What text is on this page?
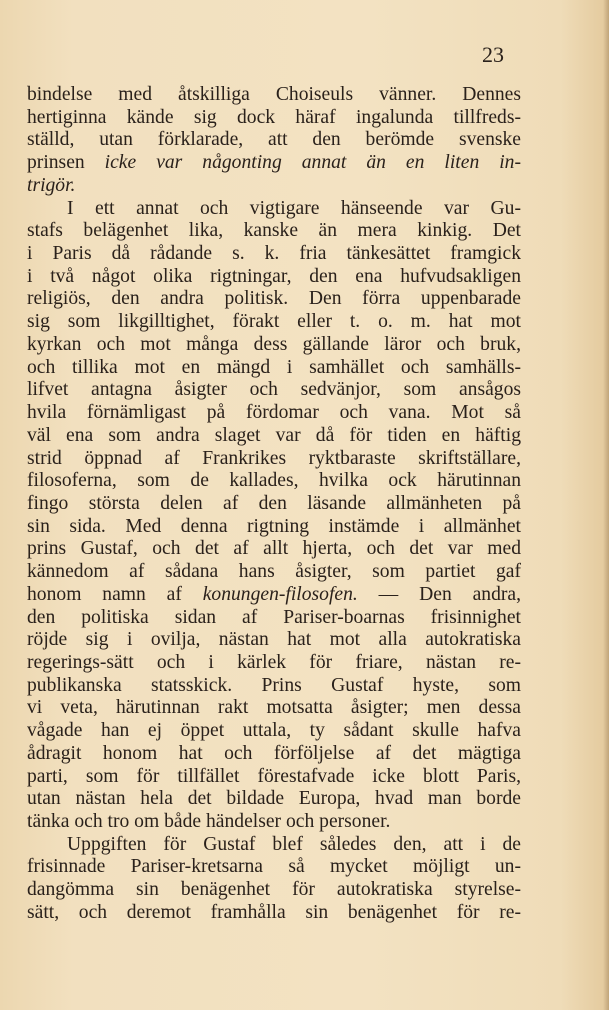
23
bindelse med åtskilliga Choiseuls vänner. Dennes
hertiginna kände sig dock häraf ingalunda tillfreds-
ställd, utan förklarade, att den berömde svenske
prinsen icke var någonting annat än en liten in-
trigör.
I ett annat och vigtigare hänseende var Gu-
stafs belägenhet lika, kanske än mera kinkig. Det
i Paris då rådande s. k. fria tänkesättet framgick
i två något olika rigtningar, den ena hufvudsakligen
religiös, den andra politisk. Den förra uppenbarade
sig som likgilltighet, förakt eller t. o. m. hat mot
kyrkan och mot många dess gällande läror och bruk,
och tillika mot en mängd i samhället och samhälls-
lifvet antagna åsigter och sedvänjor, som ansågos
hvila förnämligast på fördomar och vana. Mot så
väl ena som andra slaget var då för tiden en häftig
strid öppnad af Frankrikes ryktbaraste skriftställare,
filosoferna, som de kallades, hvilka ock härutinnan
fingo största delen af den läsande allmänheten på
sin sida. Med denna rigtning instämde i allmänhet
prins Gustaf, och det af allt hjerta, och det var med
kännedom af sådana hans åsigter, som partiet gaf
honom namn af konungen-filosofen. — Den andra,
den politiska sidan af Pariser-boarnas frisinnighet
röjde sig i ovilja, nästan hat mot alla autokratiska
regerings-sätt och i kärlek för friare, nästan re-
publikanska statsskick. Prins Gustaf hyste, som
vi veta, härutinnan rakt motsatta åsigter; men dessa
vågade han ej öppet uttala, ty sådant skulle hafva
ådragit honom hat och förföljelse af det mägtiga
parti, som för tillfället förestafvade icke blott Paris,
utan nästan hela det bildade Europa, hvad man borde
tänka och tro om både händelser och personer.
Uppgiften för Gustaf blef således den, att i de
frisinnade Pariser-kretsarna så mycket möjligt un-
dangömma sin benägenhet för autokratiska styrelse-
sätt, och deremot framhålla sin benägenhet för re-
